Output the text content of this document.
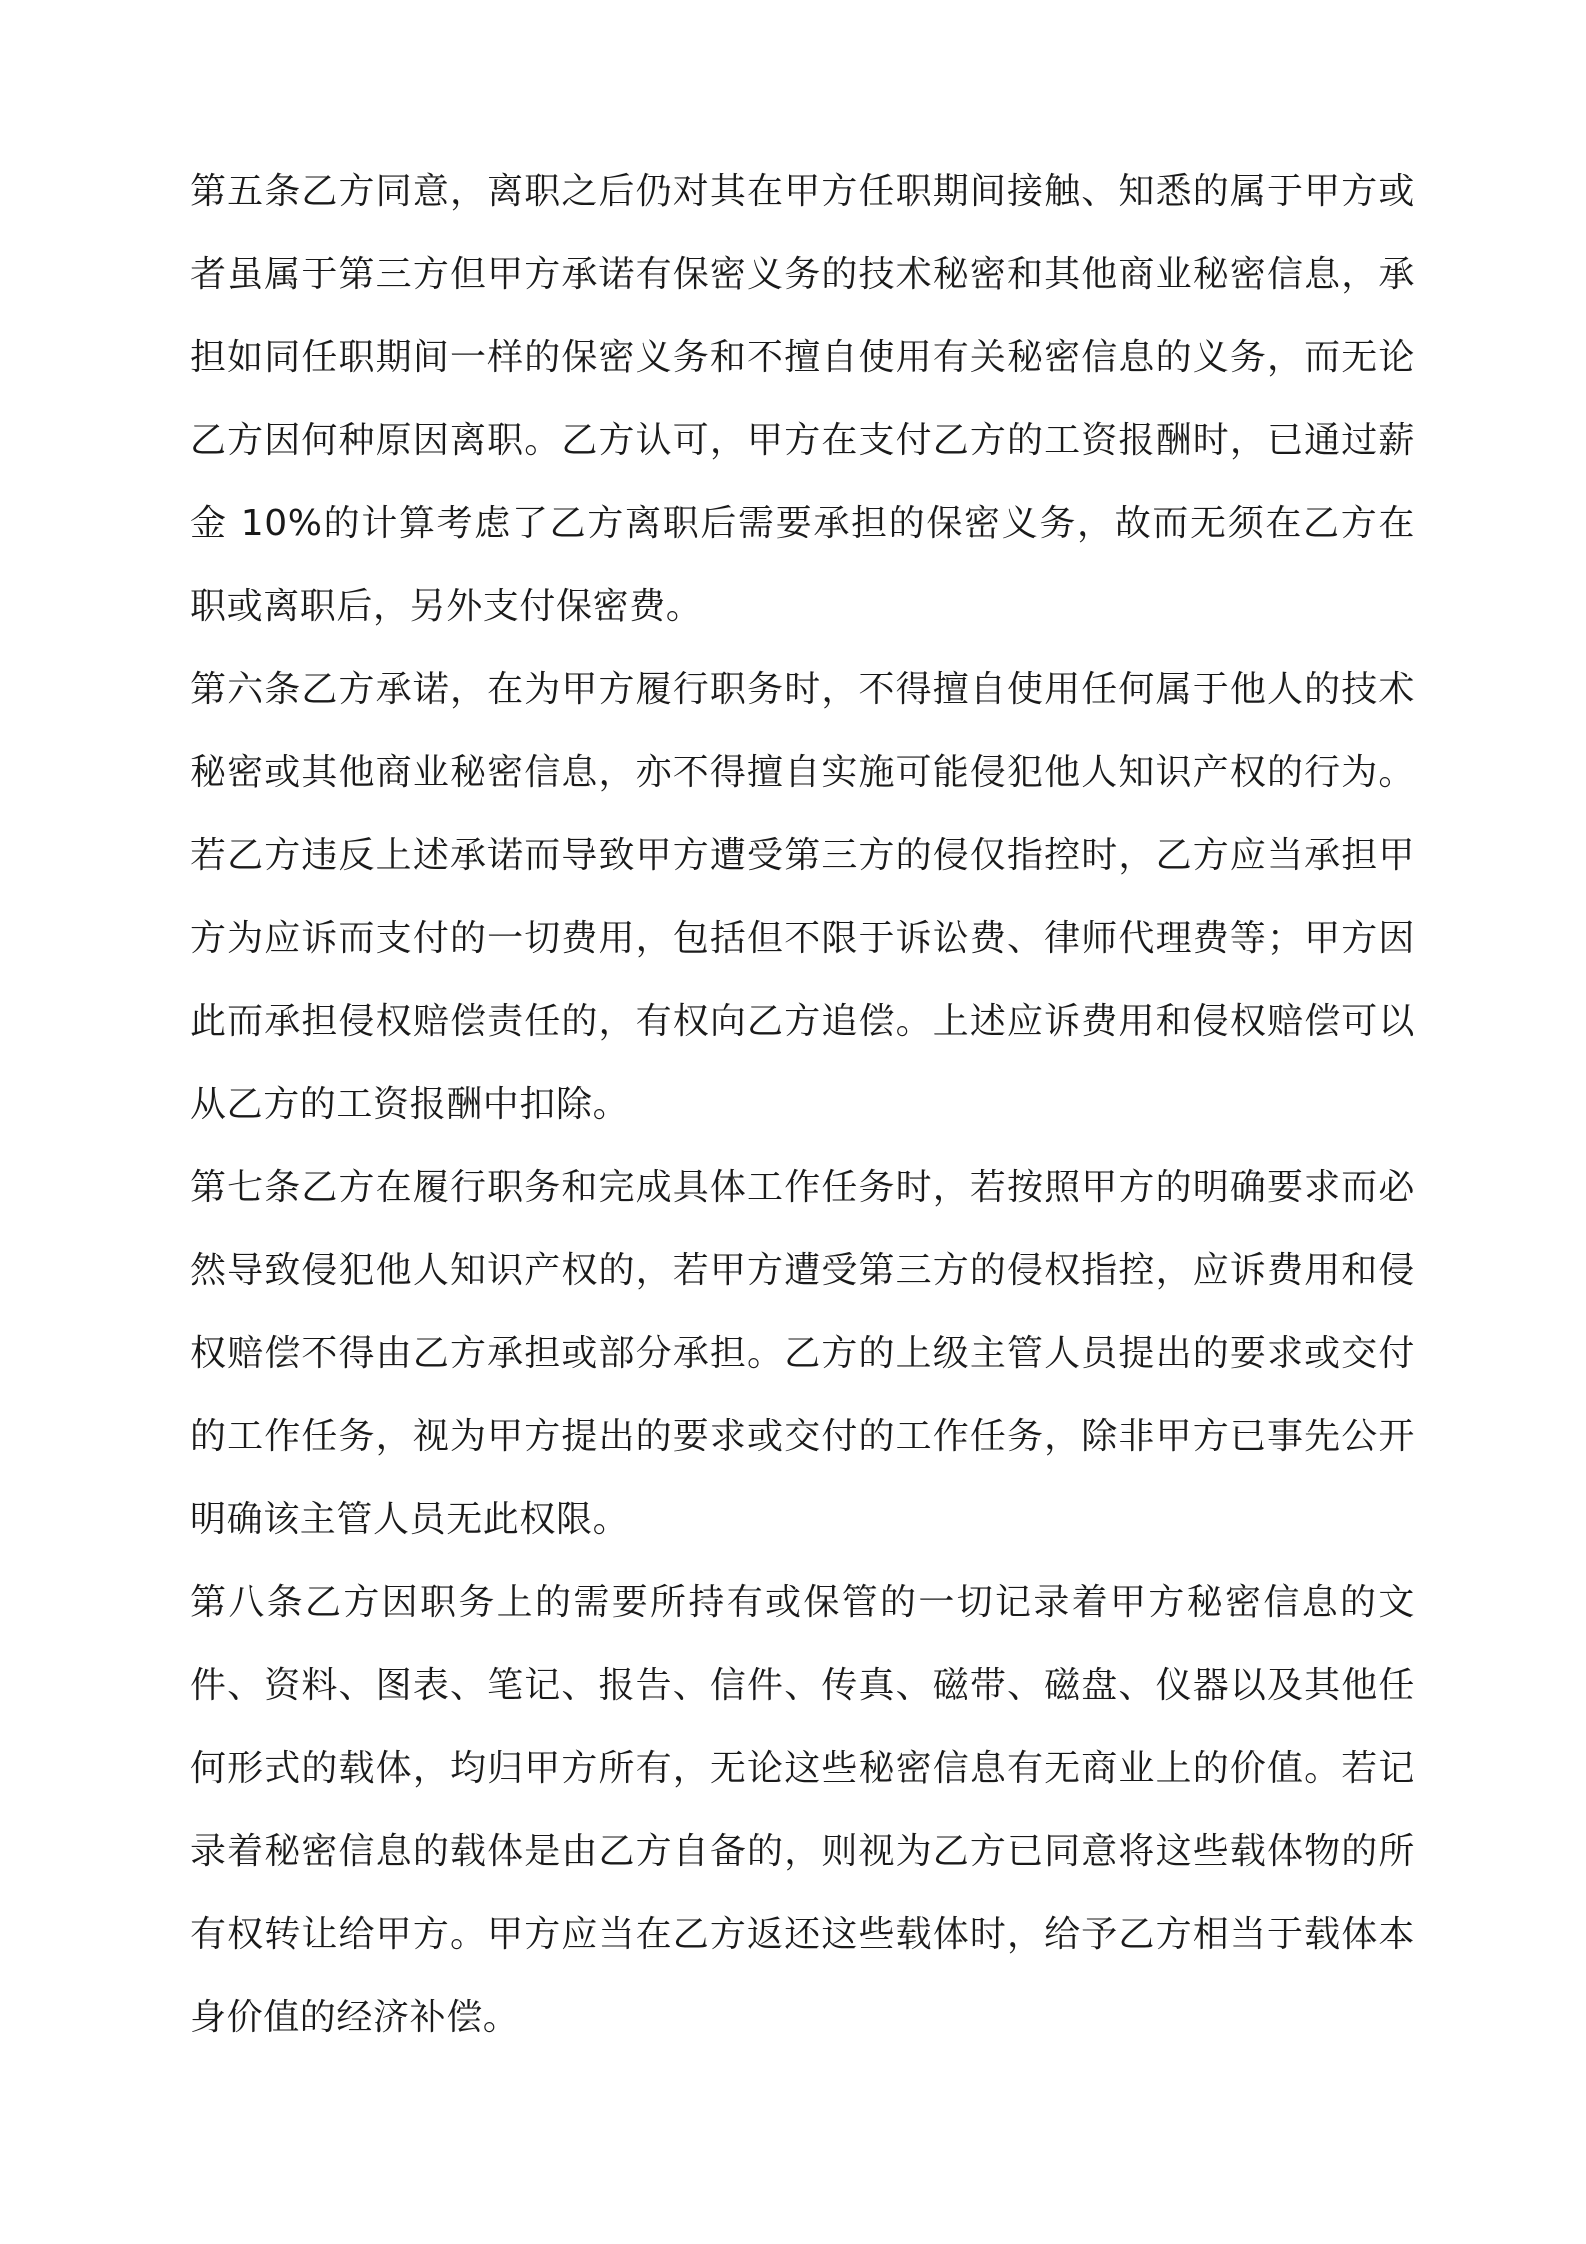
第五条乙方同意，离职之后仍对其在甲方任职期间接触、知悉的属于甲方或者虽属于第三方但甲方承诺有保密义务的技术秘密和其他商业秘密信息，承担如同任职期间一样的保密义务和不擅自使用有关秘密信息的义务，而无论乙方因何种原因离职。乙方认可，甲方在支付乙方的工资报酬时，已通过薪金 10%的计算考虑了乙方离职后需要承担的保密义务，故而无须在乙方在职或离职后，另外支付保密费。

第六条乙方承诺，在为甲方履行职务时，不得擅自使用任何属于他人的技术秘密或其他商业秘密信息，亦不得擅自实施可能侵犯他人知识产权的行为。若乙方违反上述承诺而导致甲方遭受第三方的侵仅指控时，乙方应当承担甲方为应诉而支付的一切费用，包括但不限于诉讼费、律师代理费等；甲方因此而承担侵权赔偿责任的，有权向乙方追偿。上述应诉费用和侵权赔偿可以从乙方的工资报酬中扣除。

第七条乙方在履行职务和完成具体工作任务时，若按照甲方的明确要求而必然导致侵犯他人知识产权的，若甲方遭受第三方的侵权指控，应诉费用和侵权赔偿不得由乙方承担或部分承担。乙方的上级主管人员提出的要求或交付的工作任务，视为甲方提出的要求或交付的工作任务，除非甲方已事先公开明确该主管人员无此权限。

第八条乙方因职务上的需要所持有或保管的一切记录着甲方秘密信息的文件、资料、图表、笔记、报告、信件、传真、磁带、磁盘、仪器以及其他任何形式的载体，均归甲方所有，无论这些秘密信息有无商业上的价值。若记录着秘密信息的载体是由乙方自备的，则视为乙方已同意将这些载体物的所有权转让给甲方。甲方应当在乙方返还这些载体时，给予乙方相当于载体本身价值的经济补偿。
